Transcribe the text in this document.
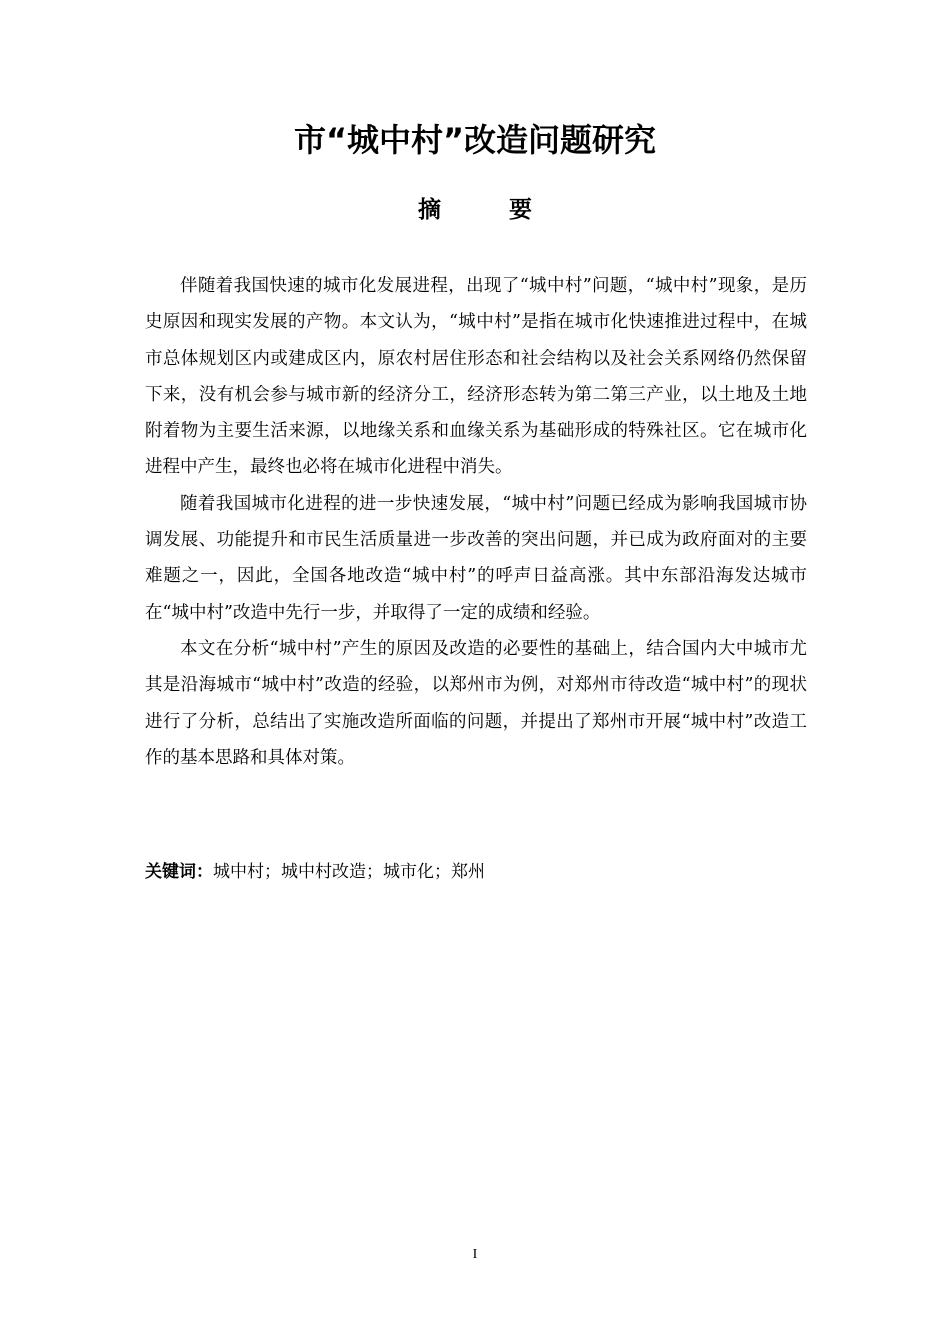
市“城中村”改造问题研究
摘 要

伴随着我国快速的城市化发展进程，出现了“城中村”问题，“城中村”现象，是历史原因和现实发展的产物。本文认为，“城中村”是指在城市化快速推进过程中，在城市总体规划区内或建成区内，原农村居住形态和社会结构以及社会关系网络仍然保留下来，没有机会参与城市新的经济分工，经济形态转为第二第三产业，以土地及土地附着物为主要生活来源，以地缘关系和血缘关系为基础形成的特殊社区。它在城市化进程中产生，最终也必将在城市化进程中消失。

随着我国城市化进程的进一步快速发展，“城中村”问题已经成为影响我国城市协调发展、功能提升和市民生活质量进一步改善的突出问题，并已成为政府面对的主要难题之一，因此，全国各地改造“城中村”的呼声日益高涨。其中东部沿海发达城市在“城中村”改造中先行一步，并取得了一定的成绩和经验。

本文在分析“城中村”产生的原因及改造的必要性的基础上，结合国内大中城市尤其是沿海城市“城中村”改造的经验，以郑州市为例，对郑州市待改造“城中村”的现状进行了分析，总结出了实施改造所面临的问题，并提出了郑州市开展“城中村”改造工作的基本思路和具体对策。

关键词：城中村；城中村改造；城市化；郑州
I
